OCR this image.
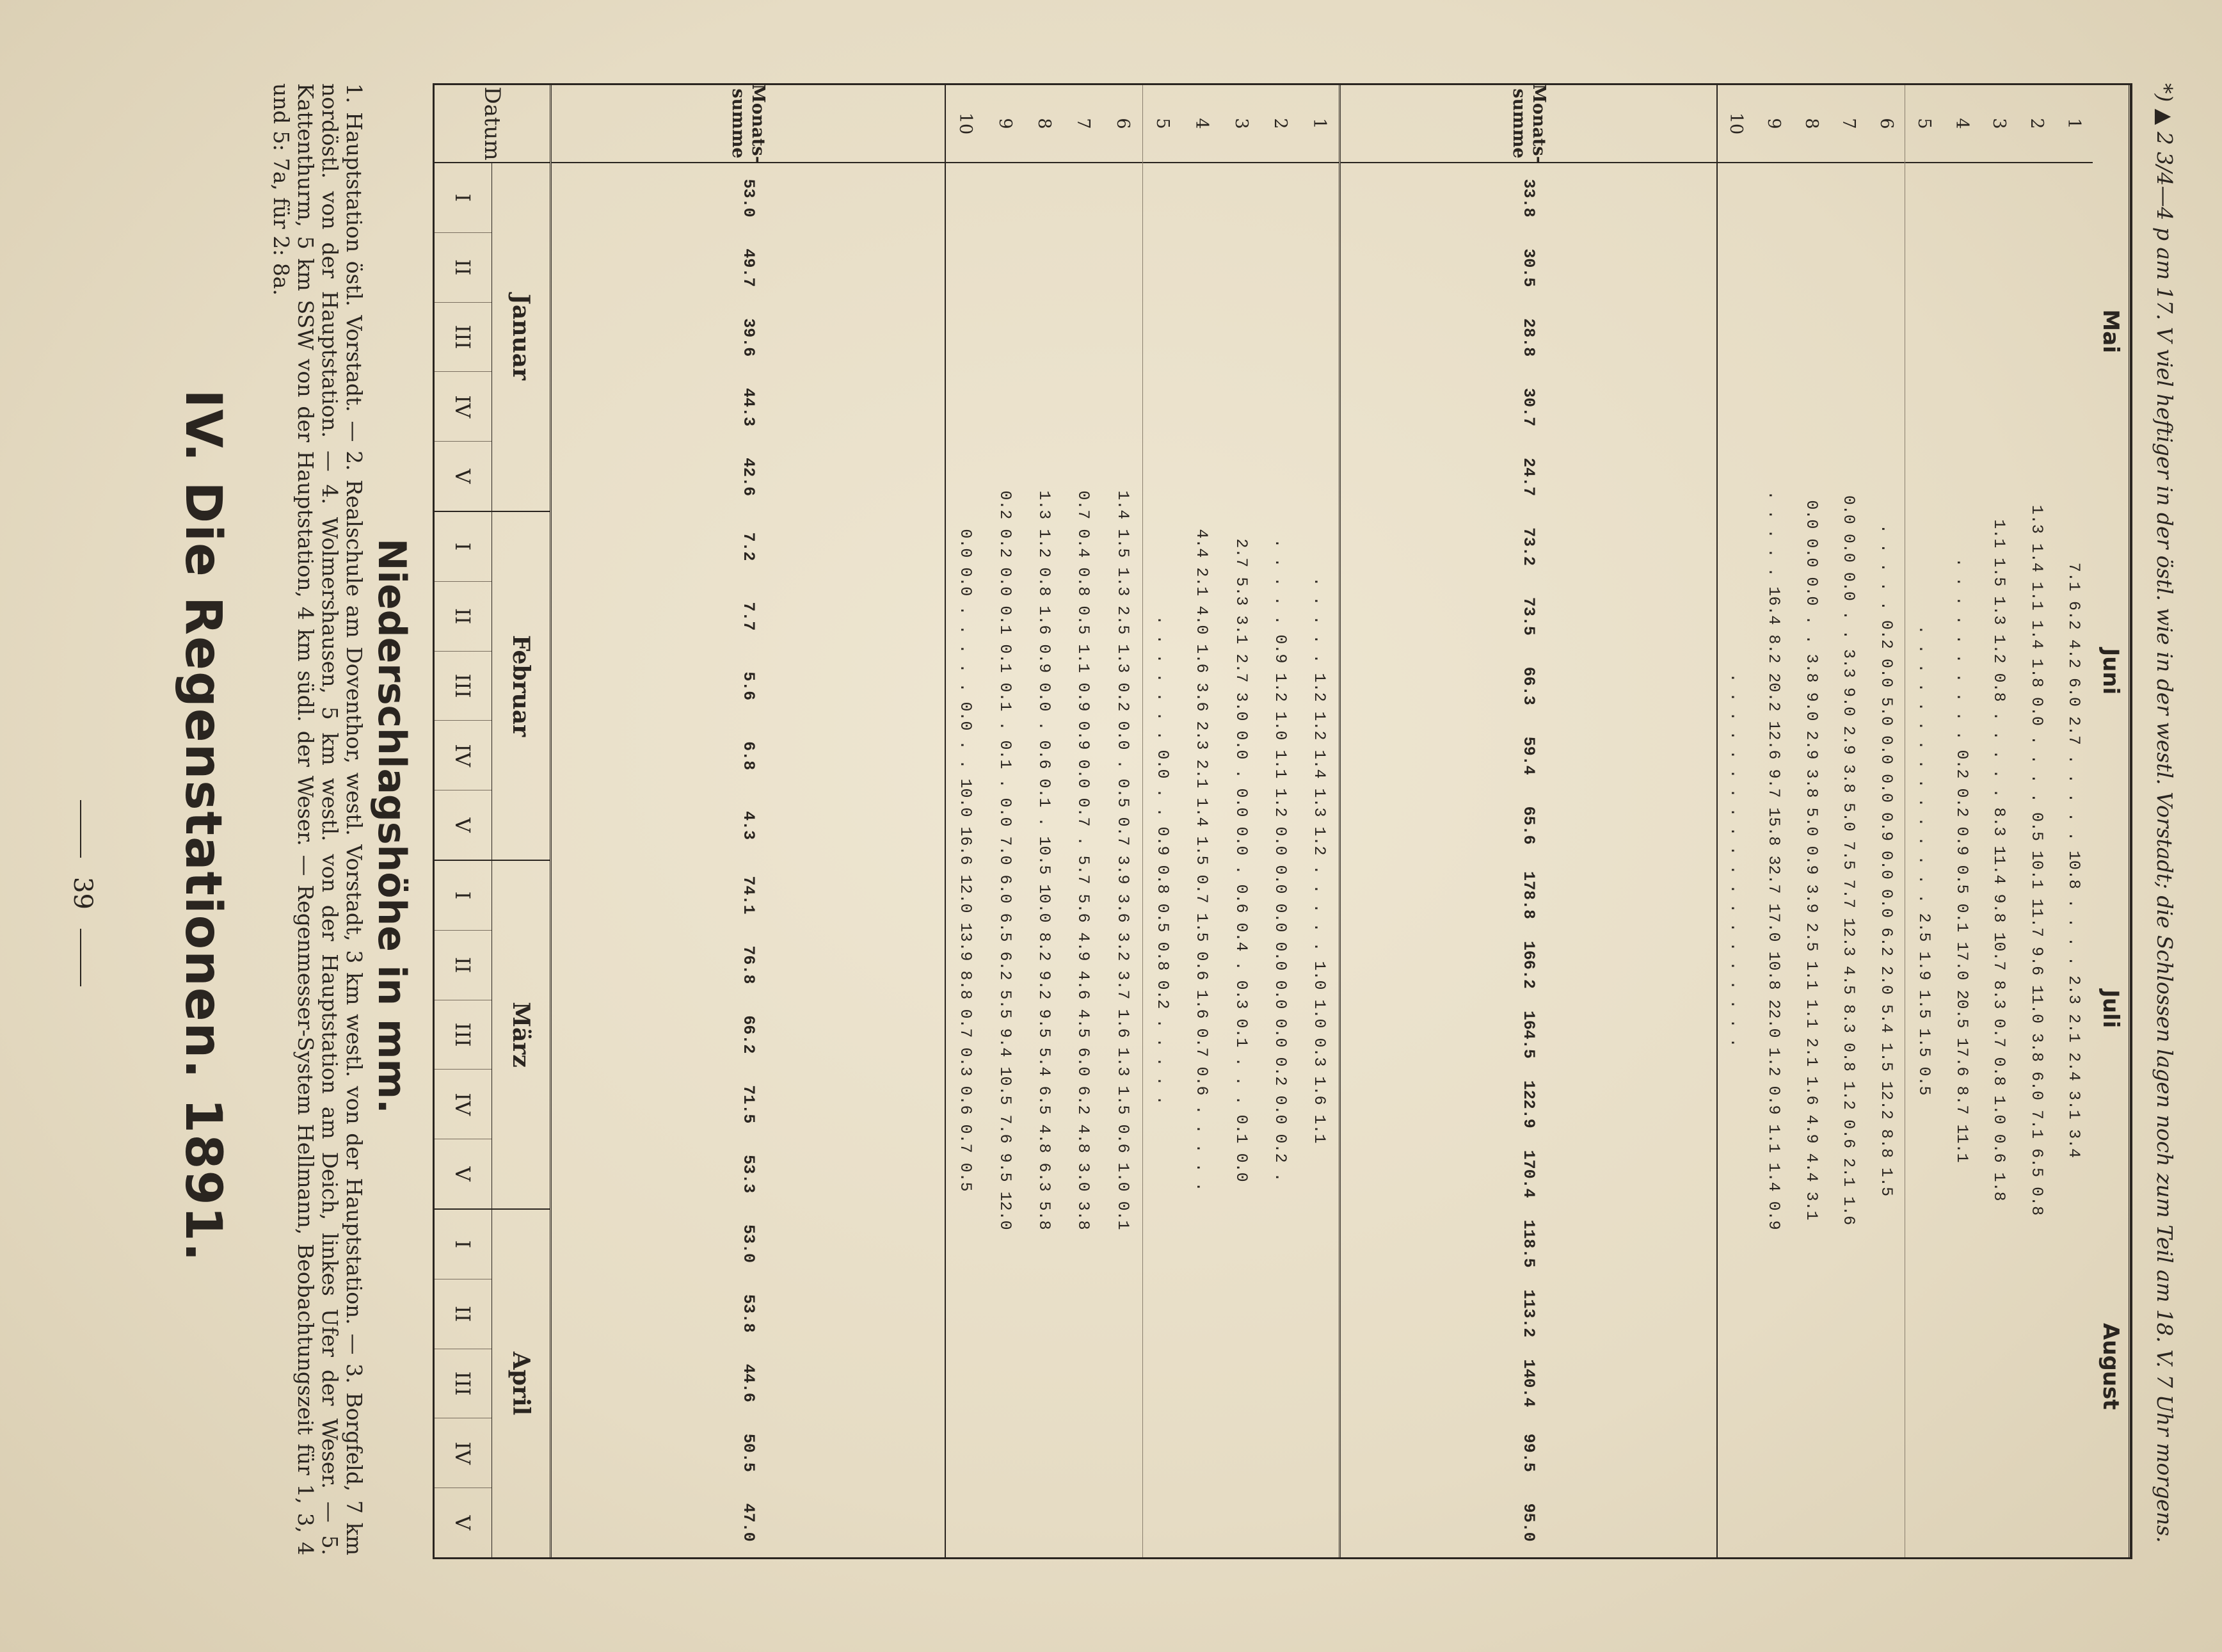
39 IV. Die Regenstationen. 1891.	1. Hauptstation östl. Vorstadt. — 2. Realschule am Doventhor, westl. Vorstadt, 3 km westl. von der Hauptstation. — 3. Borgfeld, 7 km nordöstl. von der Hauptstation. — 4. Wolmershausen, 5 km westl. von der Hauptstation am Deich, linkes Ufer der Weser. — 5. Kattenthurm, 5 km SSW von der Hauptstation, 4 km südl. der Weser. — Regenmesser-System Hellmann, Beobachtungszeit für 1, 3, 4 und 5: 7a, für 2: 8a.
Niederschlagshöhe in mm.
Datum
Januar
I
II
III
IV
V
Februar
I
II
III
IV
V
März
I
II
III
IV
V
April
I
II
III
IV
V
1
. . . . . 1.2 1.2 1.4 1.3 1.2 . . . . . 1.0 1.0 0.3 1.6 1.1
2
. . . . . 0.9 1.2 1.0 1.1 1.2 0.0 0.0 0.0 0.0 0.0 0.0 0.2 0.0 0.2 .
3
2.7 5.3 3.1 2.7 3.0 0.0 . 0.0 0.0 . 0.6 0.4 . 0.3 0.1 . . . 0.1 0.0
4
4.4 2.1 4.0 1.6 3.6 2.3 2.1 1.4 1.5 0.7 1.5 0.6 1.6 0.7 0.6 . . . . .
5
. . . . . . . 0.0 . . 0.9 0.8 0.5 0.8 0.2 . . . . .
6
1.4 1.5 1.3 2.5 1.3 0.2 0.0 . 0.5 0.7 3.9 3.6 3.2 3.7 1.6 1.3 1.5 0.6 1.0 0.1
7
0.7 0.4 0.8 0.5 1.1 0.9 0.9 0.0 0.7 . 5.7 5.6 4.9 4.6 4.5 6.0 6.2 4.8 3.0 3.8
8
1.3 1.2 0.8 1.6 0.9 0.0 . 0.6 0.1 . 10.5 10.0 8.2 9.2 9.5 5.4 6.5 4.8 6.3 5.8
9
0.2 0.2 0.0 0.1 0.1 0.1 . 0.1 . 0.0 7.0 6.0 6.5 6.2 5.5 9.4 10.5 7.6 9.5 12.0
10
0.0 0.0 . . . . . 0.0 . . 10.0 16.6 12.0 13.9 8.8 0.7 0.3 0.6 0.7 0.5
Monats-summe
53.0
49.7
39.6
44.3
42.6
7.2
7.7
5.6
6.8
4.3
74.1
76.8
66.2
71.5
53.3
53.0
53.8
44.6
50.5
47.0
Mai
Juni
Juli
August
1
7.1 6.2 4.2 6.0 2.7 . . . . . 10.8 . . . . 2.3 2.1 2.4 3.1 3.4
2
1.3 1.4 1.1 1.4 1.8 0.0 . . . . 0.5 10.1 11.7 9.6 11.0 3.8 6.0 7.1 6.5 0.8
3
1.1 1.5 1.3 1.2 0.8 . . . . . 8.3 11.4 9.8 10.7 8.3 0.7 0.8 1.0 0.6 1.8
4
. . . . . . . . . . 0.2 0.2 0.9 0.5 0.1 17.0 20.5 17.6 8.7 11.1
5
. . . . . . . . . . . . . . . 2.5 1.9 1.5 1.5 0.5
6
. . . . . 0.2 0.0 5.0 0.0 0.0 0.9 0.0 0.0 6.2 2.0 5.4 1.5 12.2 8.8 1.5
7
0.0 0.0 0.0 . . 3.3 9.0 2.9 3.8 5.0 7.5 7.7 12.3 4.5 8.3 0.8 1.2 0.6 2.1 1.6
8
0.0 0.0 0.0 . . 3.8 9.0 2.9 3.8 5.0 0.9 3.9 2.5 1.1 1.1 2.1 1.6 4.9 4.4 3.1
9
. . . . . 16.4 8.2 20.2 12.6 9.7 15.8 32.7 17.0 10.8 22.0 1.2 0.9 1.1 1.4 0.9
10
. . . . . . . . . . . . . . . . . . . .
Monats-summe
33.8
30.5
28.8
30.7
24.7
73.2
73.5
66.3
59.4
65.6
178.8
166.2
164.5
122.9
170.4
118.5
113.2
140.4
99.5
95.0	*) ▲ 2 3/4—4 p am 17. V viel heftiger in der östl. wie in der westl. Vorstadt; die Schlossen lagen noch zum Teil am 18. V. 7 Uhr morgens.
